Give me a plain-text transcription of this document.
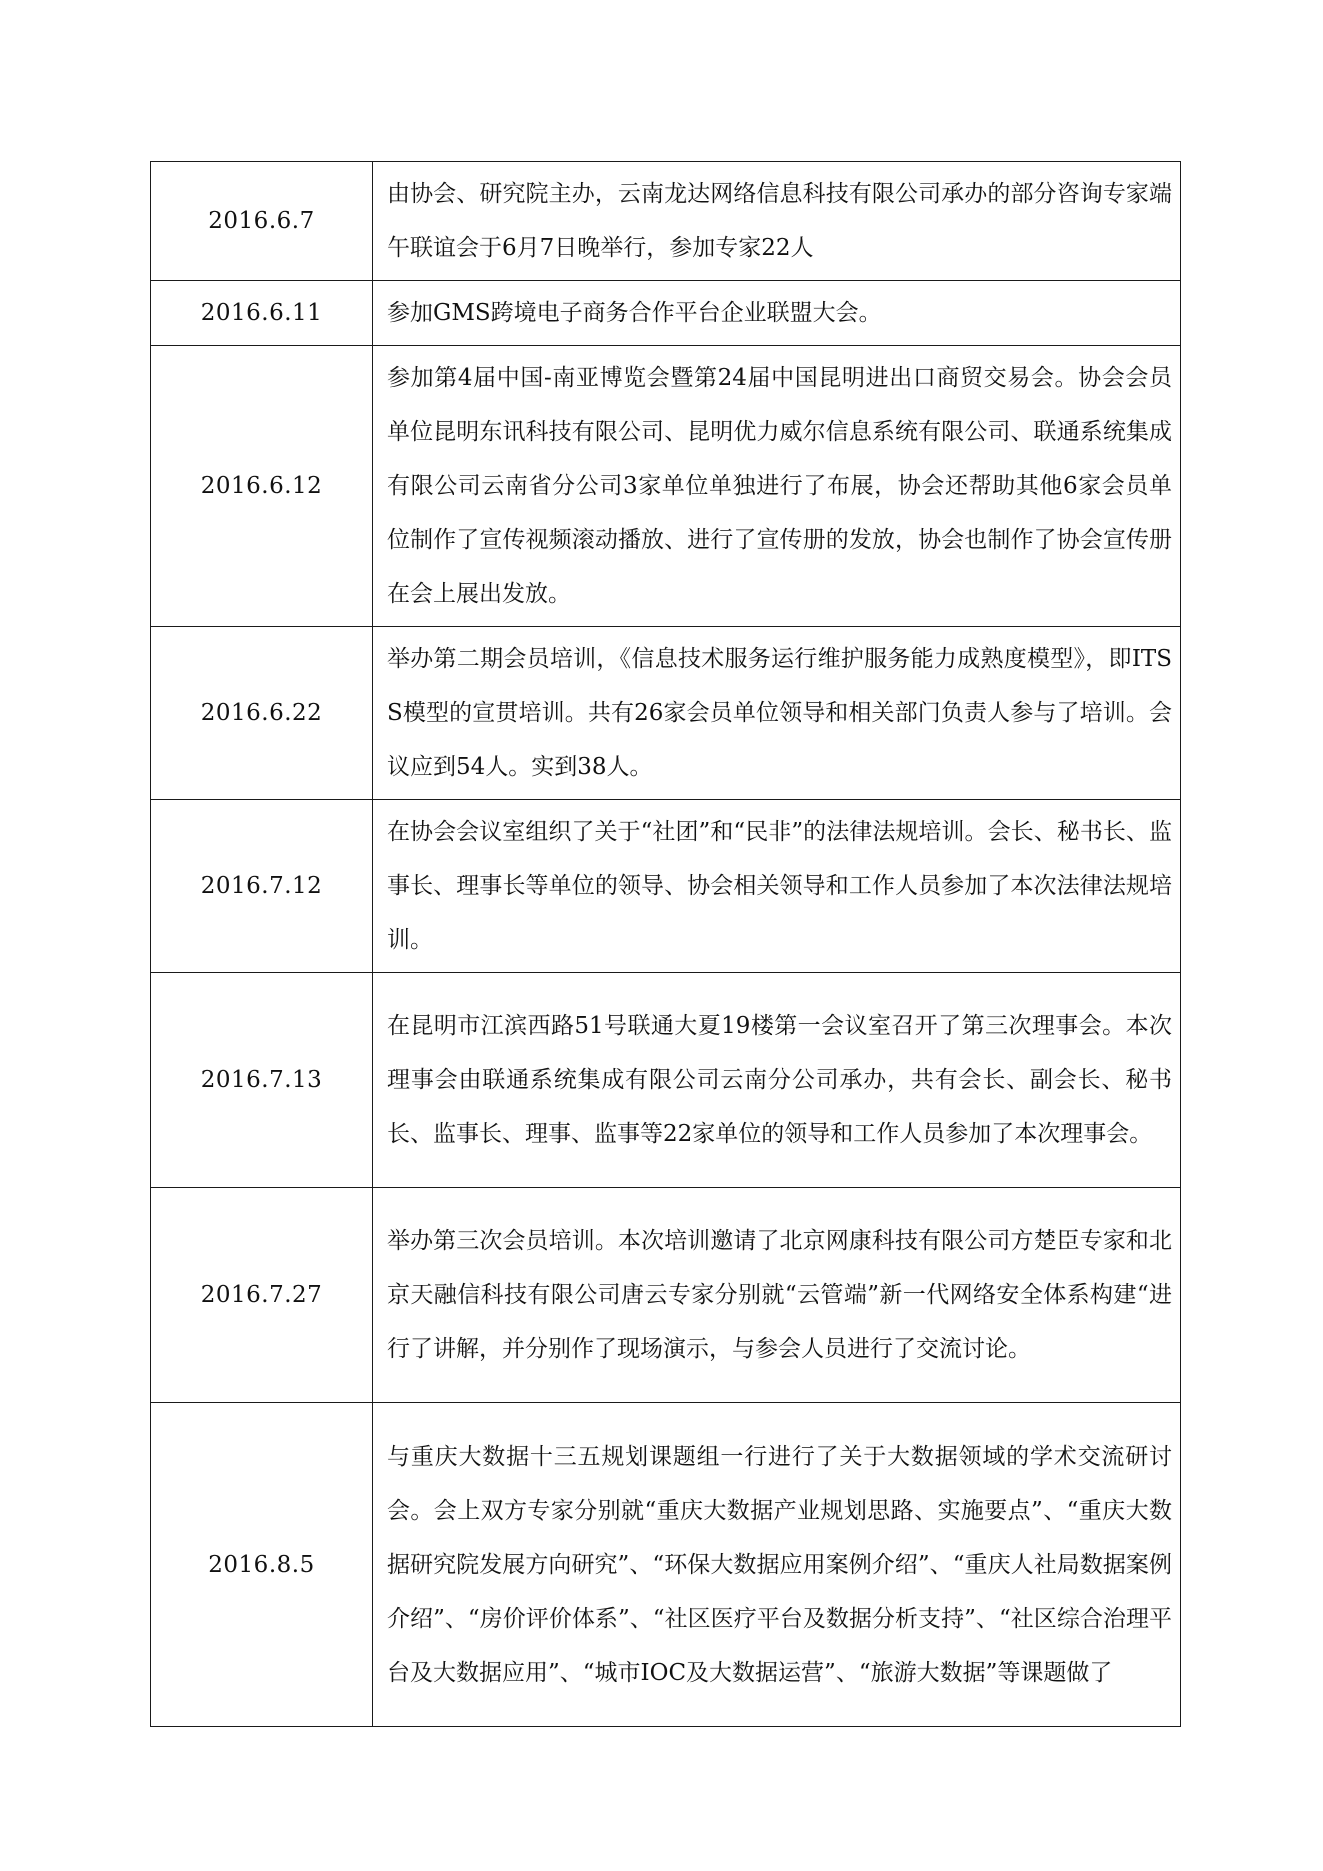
2016.6.7	由协会、研究院主办，云南龙达网络信息科技有限公司承办的部分咨询专家端午联谊会于6月7日晚举行，参加专家22人
2016.6.11	参加GMS跨境电子商务合作平台企业联盟大会。
2016.6.12	参加第4届中国-南亚博览会暨第24届中国昆明进出口商贸交易会。协会会员单位昆明东讯科技有限公司、昆明优力威尔信息系统有限公司、联通系统集成有限公司云南省分公司3家单位单独进行了布展，协会还帮助其他6家会员单位制作了宣传视频滚动播放、进行了宣传册的发放，协会也制作了协会宣传册在会上展出发放。
2016.6.22	举办第二期会员培训，《信息技术服务运行维护服务能力成熟度模型》，即ITSS模型的宣贯培训。共有26家会员单位领导和相关部门负责人参与了培训。会议应到54人。实到38人。
2016.7.12	在协会会议室组织了关于“社团”和“民非”的法律法规培训。会长、秘书长、监事长、理事长等单位的领导、协会相关领导和工作人员参加了本次法律法规培训。
2016.7.13	在昆明市江滨西路51号联通大夏19楼第一会议室召开了第三次理事会。本次理事会由联通系统集成有限公司云南分公司承办，共有会长、副会长、秘书长、监事长、理事、监事等22家单位的领导和工作人员参加了本次理事会。
2016.7.27	举办第三次会员培训。本次培训邀请了北京网康科技有限公司方楚臣专家和北京天融信科技有限公司唐云专家分别就“云管端”新一代网络安全体系构建“进行了讲解，并分别作了现场演示，与参会人员进行了交流讨论。
2016.8.5	与重庆大数据十三五规划课题组一行进行了关于大数据领域的学术交流研讨会。会上双方专家分别就“重庆大数据产业规划思路、实施要点”、“重庆大数据研究院发展方向研究”、“环保大数据应用案例介绍”、“重庆人社局数据案例介绍”、“房价评价体系”、“社区医疗平台及数据分析支持”、“社区综合治理平台及大数据应用”、“城市IOC及大数据运营”、“旅游大数据”等课题做了
